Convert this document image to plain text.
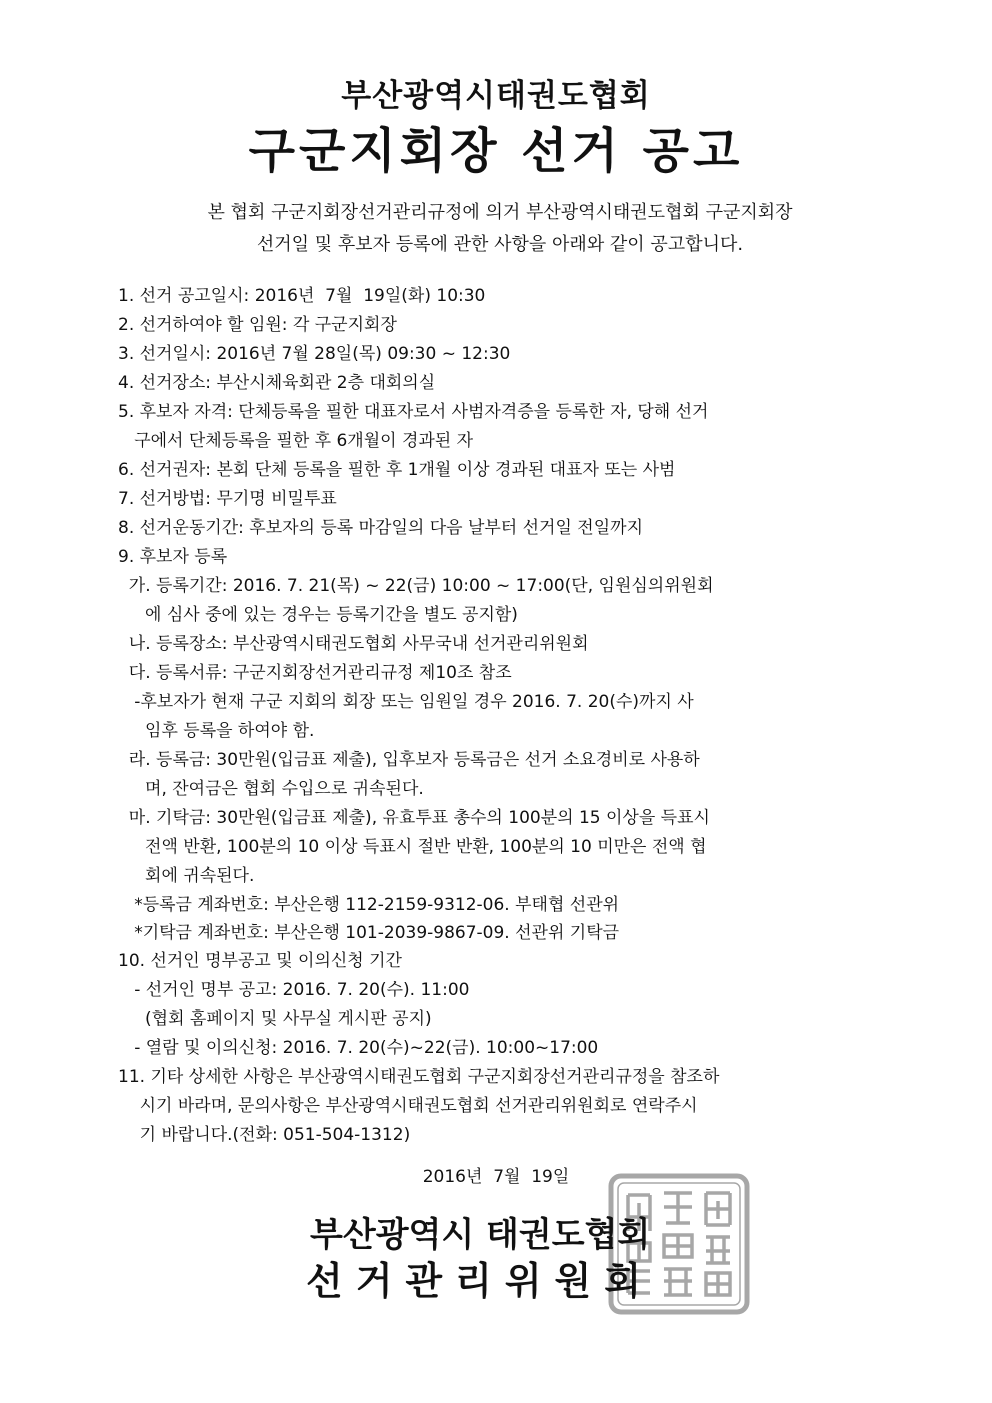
부산광역시태권도협회
구군지회장 선거 공고
본 협회 구군지회장선거관리규정에 의거 부산광역시태권도협회 구군지회장
선거일 및 후보자 등록에 관한 사항을 아래와 같이 공고합니다.
1. 선거 공고일시: 2016년  7월  19일(화) 10:30
2. 선거하여야 할 임원: 각 구군지회장
3. 선거일시: 2016년 7월 28일(목) 09:30 ~ 12:30
4. 선거장소: 부산시체육회관 2층 대회의실
5. 후보자 자격: 단체등록을 필한 대표자로서 사범자격증을 등록한 자, 당해 선거
구에서 단체등록을 필한 후 6개월이 경과된 자
6. 선거권자: 본회 단체 등록을 필한 후 1개월 이상 경과된 대표자 또는 사범
7. 선거방법: 무기명 비밀투표
8. 선거운동기간: 후보자의 등록 마감일의 다음 날부터 선거일 전일까지
9. 후보자 등록
가. 등록기간: 2016. 7. 21(목) ~ 22(금) 10:00 ~ 17:00(단, 임원심의위원회
에 심사 중에 있는 경우는 등록기간을 별도 공지함)
나. 등록장소: 부산광역시태권도협회 사무국내 선거관리위원회
다. 등록서류: 구군지회장선거관리규정 제10조 참조
-후보자가 현재 구군 지회의 회장 또는 임원일 경우 2016. 7. 20(수)까지 사
임후 등록을 하여야 함.
라. 등록금: 30만원(입금표 제출), 입후보자 등록금은 선거 소요경비로 사용하
며, 잔여금은 협회 수입으로 귀속된다.
마. 기탁금: 30만원(입금표 제출), 유효투표 총수의 100분의 15 이상을 득표시
전액 반환, 100분의 10 이상 득표시 절반 반환, 100분의 10 미만은 전액 협
회에 귀속된다.
*등록금 계좌번호: 부산은행 112-2159-9312-06. 부태협 선관위
*기탁금 계좌번호: 부산은행 101-2039-9867-09. 선관위 기탁금
10. 선거인 명부공고 및 이의신청 기간
- 선거인 명부 공고: 2016. 7. 20(수). 11:00
(협회 홈페이지 및 사무실 게시판 공지)
- 열람 및 이의신청: 2016. 7. 20(수)~22(금). 10:00~17:00
11. 기타 상세한 사항은 부산광역시태권도협회 구군지회장선거관리규정을 참조하
시기 바라며, 문의사항은 부산광역시태권도협회 선거관리위원회로 연락주시
기 바랍니다.(전화: 051-504-1312)
2016년  7월  19일
부산광역시 태권도협회
선거관리위원회
